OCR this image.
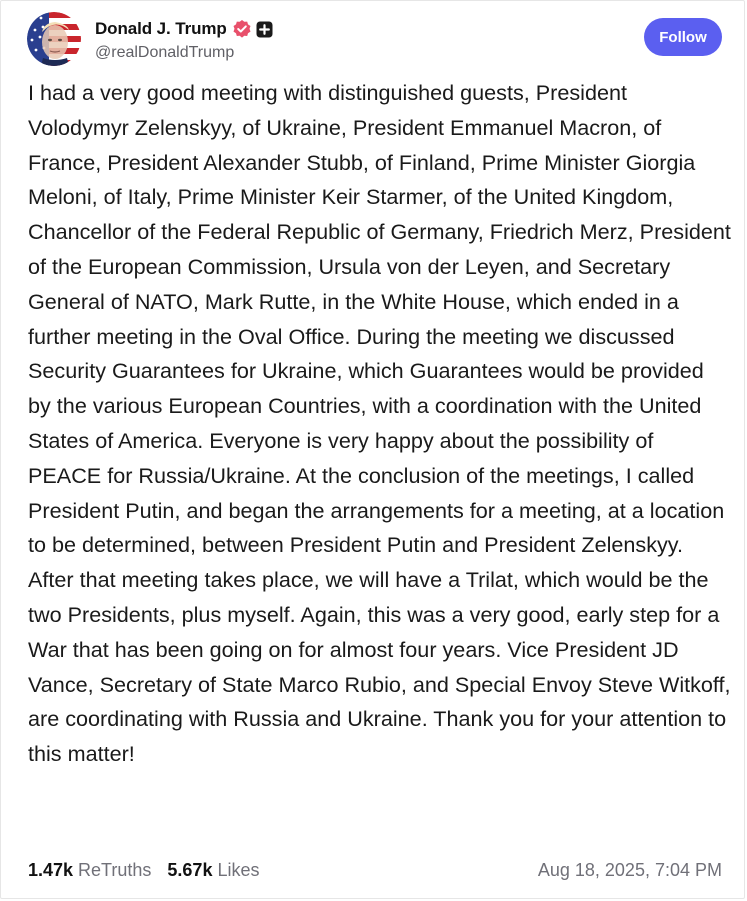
Donald J. Trump
@realDonaldTrump
Follow

I had a very good meeting with distinguished guests, President Volodymyr Zelenskyy, of Ukraine, President Emmanuel Macron, of France, President Alexander Stubb, of Finland, Prime Minister Giorgia Meloni, of Italy, Prime Minister Keir Starmer, of the United Kingdom, Chancellor of the Federal Republic of Germany, Friedrich Merz, President of the European Commission, Ursula von der Leyen, and Secretary General of NATO, Mark Rutte, in the White House, which ended in a further meeting in the Oval Office. During the meeting we discussed Security Guarantees for Ukraine, which Guarantees would be provided by the various European Countries, with a coordination with the United States of America. Everyone is very happy about the possibility of PEACE for Russia/Ukraine. At the conclusion of the meetings, I called President Putin, and began the arrangements for a meeting, at a location to be determined, between President Putin and President Zelenskyy. After that meeting takes place, we will have a Trilat, which would be the two Presidents, plus myself. Again, this was a very good, early step for a War that has been going on for almost four years. Vice President JD Vance, Secretary of State Marco Rubio, and Special Envoy Steve Witkoff, are coordinating with Russia and Ukraine. Thank you for your attention to this matter!

1.47k ReTruths 5.67k Likes	Aug 18, 2025, 7:04 PM
